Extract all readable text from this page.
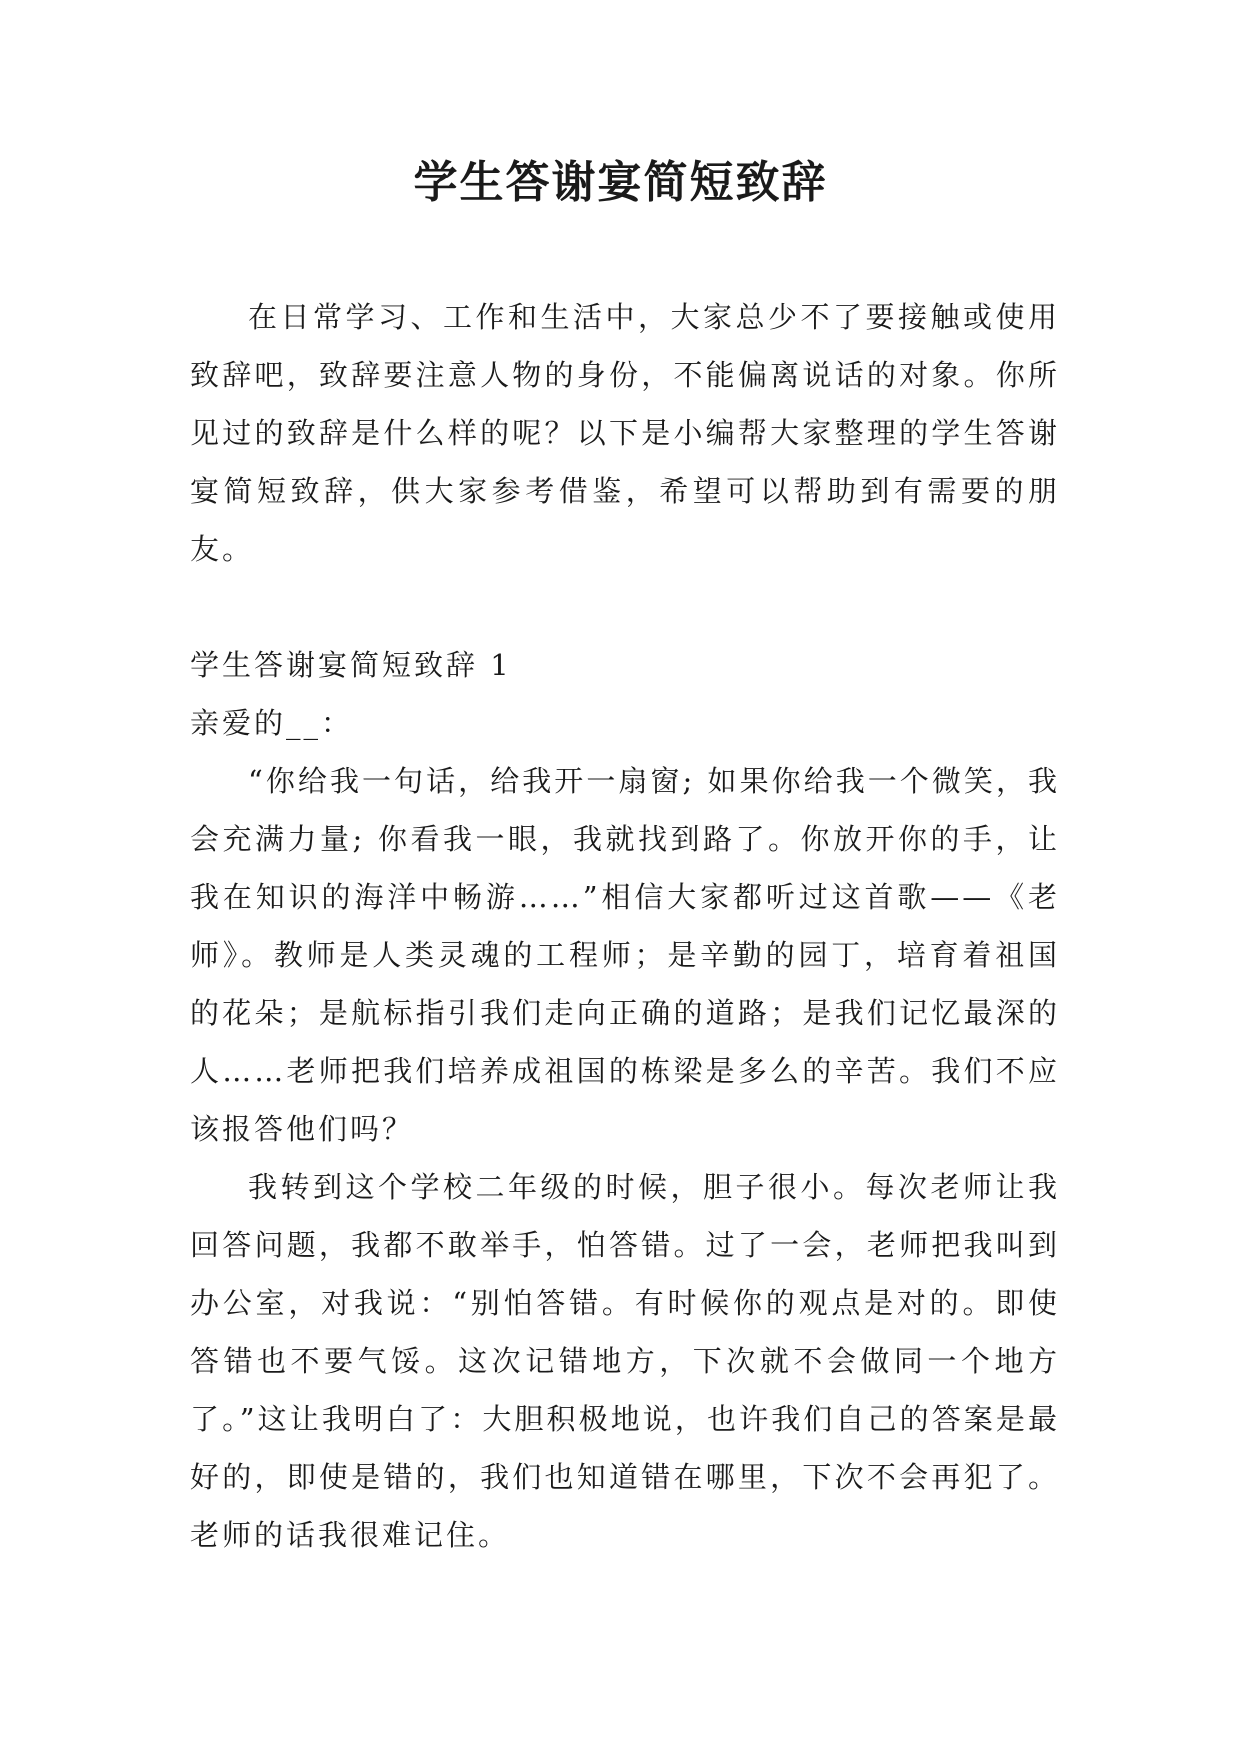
学生答谢宴简短致辞

在日常学习、工作和生活中，大家总少不了要接触或使用致辞吧，致辞要注意人物的身份，不能偏离说话的对象。你所见过的致辞是什么样的呢？以下是小编帮大家整理的学生答谢宴简短致辞，供大家参考借鉴，希望可以帮助到有需要的朋友。

学生答谢宴简短致辞 1

亲爱的__：

“你给我一句话，给我开一扇窗; 如果你给我一个微笑，我会充满力量; 你看我一眼，我就找到路了。你放开你的手，让我在知识的海洋中畅游……”相信大家都听过这首歌——《老师》。教师是人类灵魂的工程师；是辛勤的园丁，培育着祖国的花朵；是航标指引我们走向正确的道路；是我们记忆最深的人……老师把我们培养成祖国的栋梁是多么的辛苦。我们不应该报答他们吗？

我转到这个学校二年级的时候，胆子很小。每次老师让我回答问题，我都不敢举手，怕答错。过了一会，老师把我叫到办公室，对我说：“别怕答错。有时候你的观点是对的。即使答错也不要气馁。这次记错地方，下次就不会做同一个地方了。”这让我明白了：大胆积极地说，也许我们自己的答案是最好的，即使是错的，我们也知道错在哪里，下次不会再犯了。老师的话我很难记住。
